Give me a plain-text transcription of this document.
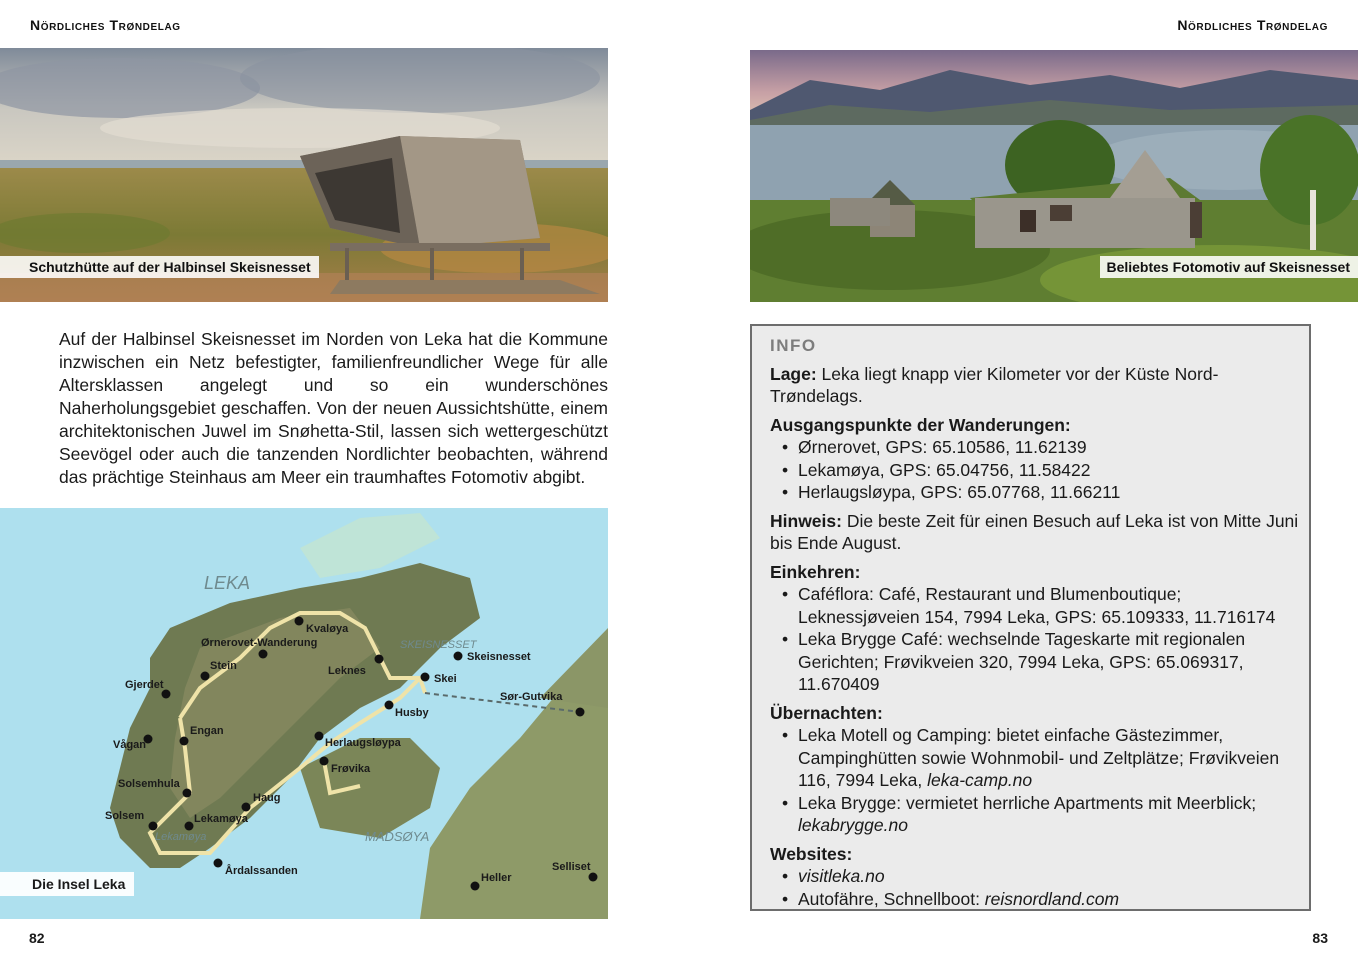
Nördliches Trøndelag	Nördliches Trøndelag
Schutzhütte auf der Halbinsel Skeisnesset	Beliebtes Fotomotiv auf Skeisnesset

Auf der Halbinsel Skeisnesset im Norden von Leka hat die Kommune inzwischen ein Netz befestigter, familienfreundlicher Wege für alle Altersklassen angelegt und so ein wunderschönes Naherholungsgebiet geschaffen. Von der neuen Aussichtshütte, einem architektonischen Juwel im Snøhetta-Stil, lassen sich wettergeschützt Seevögel oder auch die tanzenden Nordlichter beobachten, während das prächtige Steinhaus am Meer ein traumhaftes Fotomotiv abgibt.

LEKA
SKEISNESSET
MADSØYA
Lekamøya
Kvaløya
Ørnerovet-Wanderung
Skeisnesset
Stein	Leknes
Gjerdet	Skei
Sør-Gutvika
Husby
Engan
Vågan	Herlaugsløypa
Frøvika
Solsemhula
Haug
Lekamøya
Solsem
Årdalssanden
Heller
Selliset
Die Insel Leka
82	83
INFO

Lage: Leka liegt knapp vier Kilometer vor der Küste Nord-Trøndelags.

Ausgangspunkte der Wanderungen:

• Ørnerovet, GPS: 65.10586, 11.62139
• Lekamøya, GPS: 65.04756, 11.58422
• Herlaugsløypa, GPS: 65.07768, 11.66211

Hinweis: Die beste Zeit für einen Besuch auf Leka ist von Mitte Juni bis Ende August.

Einkehren:

• Caféflora: Café, Restaurant und Blumenboutique; Leknessjøveien 154, 7994 Leka, GPS: 65.109333, 11.716174
• Leka Brygge Café: wechselnde Tageskarte mit regionalen Gerichten; Frøvikveien 320, 7994 Leka, GPS: 65.069317, 11.670409

Übernachten:

• Leka Motell og Camping: bietet einfache Gästezimmer, Campinghütten sowie Wohnmobil- und Zeltplätze; Frøvikveien 116, 7994 Leka, leka-camp.no
• Leka Brygge: vermietet herrliche Apartments mit Meerblick; lekabrygge.no

Websites:

• visitleka.no
• Autofähre, Schnellboot: reisnordland.com
